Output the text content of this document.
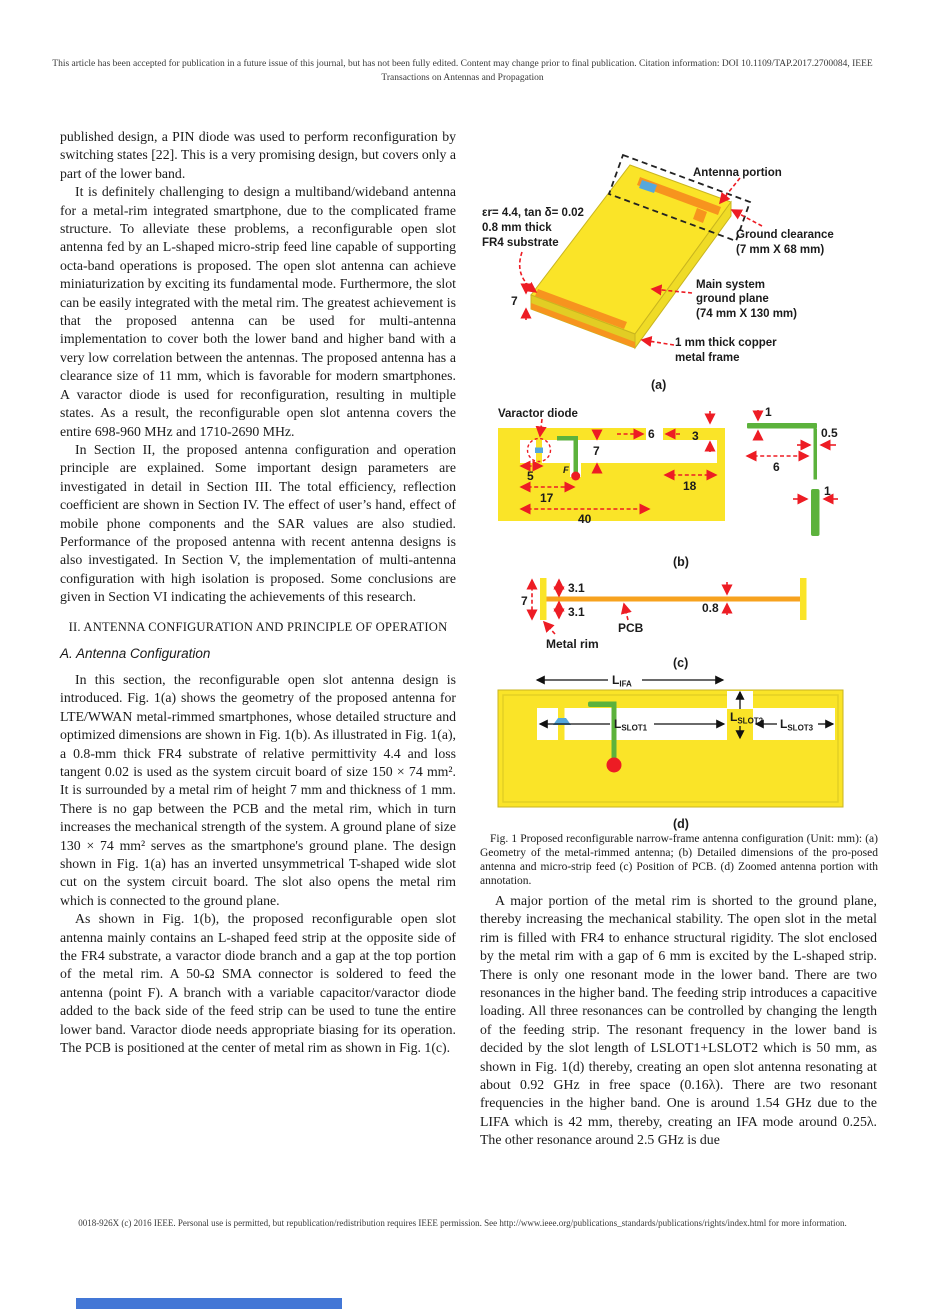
This article has been accepted for publication in a future issue of this journal, but has not been fully edited. Content may change prior to final publication. Citation information: DOI 10.1109/TAP.2017.2700084, IEEE
Transactions on Antennas and Propagation

published design, a PIN diode was used to perform reconfiguration by switching states [22]. This is a very promising design, but covers only a part of the lower band.

It is definitely challenging to design a multiband/wideband antenna for a metal-rim integrated smartphone, due to the complicated frame structure. To alleviate these problems, a reconfigurable open slot antenna fed by an L-shaped micro-strip feed line capable of supporting octa-band operations is proposed. The open slot antenna can achieve miniaturization by exciting its fundamental mode. Furthermore, the slot can be easily integrated with the metal rim. The greatest achievement is that the proposed antenna can be used for multi-antenna implementation to cover both the lower band and higher band with a very low correlation between the antennas. The proposed antenna has a clearance size of 11 mm, which is favorable for modern smartphones. A varactor diode is used for reconfiguration, resulting in multiple states. As a result, the reconfigurable open slot antenna covers the entire 698-960 MHz and 1710-2690 MHz.

In Section II, the proposed antenna configuration and operation principle are explained. Some important design parameters are investigated in detail in Section III. The total efficiency, reflection coefficient are shown in Section IV. The effect of user’s hand, effect of mobile phone components and the SAR values are also studied. Performance of the proposed antenna with recent antenna designs is also investigated. In Section V, the implementation of multi-antenna configuration with high isolation is proposed. Some conclusions are given in Section VI indicating the achievements of this research.

II. ANTENNA CONFIGURATION AND PRINCIPLE OF OPERATION
A. Antenna Configuration

In this section, the reconfigurable open slot antenna design is introduced. Fig. 1(a) shows the geometry of the proposed antenna for LTE/WWAN metal-rimmed smartphones, whose detailed structure and optimized dimensions are shown in Fig. 1(b). As illustrated in Fig. 1(a), a 0.8-mm thick FR4 substrate of relative permittivity 4.4 and loss tangent 0.02 is used as the system circuit board of size 150 × 74 mm². It is surrounded by a metal rim of height 7 mm and thickness of 1 mm. There is no gap between the PCB and the metal rim, which in turn increases the mechanical strength of the system. A ground plane of size 130 × 74 mm² serves as the smartphone's ground plane. The design shown in Fig. 1(a) has an inverted unsymmetrical T-shaped wide slot cut on the system circuit board. The slot also opens the metal rim which is connected to the ground plane.

As shown in Fig. 1(b), the proposed reconfigurable open slot antenna mainly contains an L-shaped feed strip at the opposite side of the FR4 substrate, a varactor diode branch and a gap at the top portion of the metal rim. A 50-Ω SMA connector is soldered to feed the antenna (point F). A branch with a variable capacitor/varactor diode added to the back side of the feed strip can be used to tune the entire lower band. Varactor diode needs appropriate biasing for its operation. The PCB is positioned at the center of metal rim as shown in Fig. 1(c).

Antenna portion
εr= 4.4, tan δ= 0.02
0.8 mm thick
FR4 substrate
Ground clearance
(7 mm X 68 mm)
Main system
ground plane
(74 mm X 130 mm)
1 mm thick copper
metal frame
7
(a)
Varactor diode
6	3
7
5
17
18
40
F
1
0.5
6
1
(b)
7
3.1
3.1	0.8
PCB
Metal rim
(c)
$L_{IFA}$
$L_{SLOT1}$
$L_{SLOT2}$ $L_{SLOT3}$
(d)
Fig. 1 Proposed reconfigurable narrow-frame antenna configuration (Unit: mm): (a) Geometry of the metal-rimmed antenna; (b) Detailed dimensions of the pro-posed antenna and micro-strip feed (c) Position of PCB. (d) Zoomed antenna portion with annotation.

A major portion of the metal rim is shorted to the ground plane, thereby increasing the mechanical stability. The open slot in the metal rim is filled with FR4 to enhance structural rigidity. The slot enclosed by the metal rim with a gap of 6 mm is excited by the L-shaped strip. There is only one resonant mode in the lower band. There are two resonances in the higher band. The feeding strip introduces a capacitive loading. All three resonances can be controlled by changing the length of the feeding strip. The resonant frequency in the lower band is decided by the slot length of LSLOT1+LSLOT2 which is 50 mm, as shown in Fig. 1(d) thereby, creating an open slot antenna resonating at about 0.92 GHz in free space (0.16λ). There are two resonant frequencies in the higher band. One is around 1.54 GHz due to the LIFA which is 42 mm, thereby, creating an IFA mode around 0.25λ. The other resonance around 2.5 GHz is due

0018-926X (c) 2016 IEEE. Personal use is permitted, but republication/redistribution requires IEEE permission. See http://www.ieee.org/publications_standards/publications/rights/index.html for more information.
